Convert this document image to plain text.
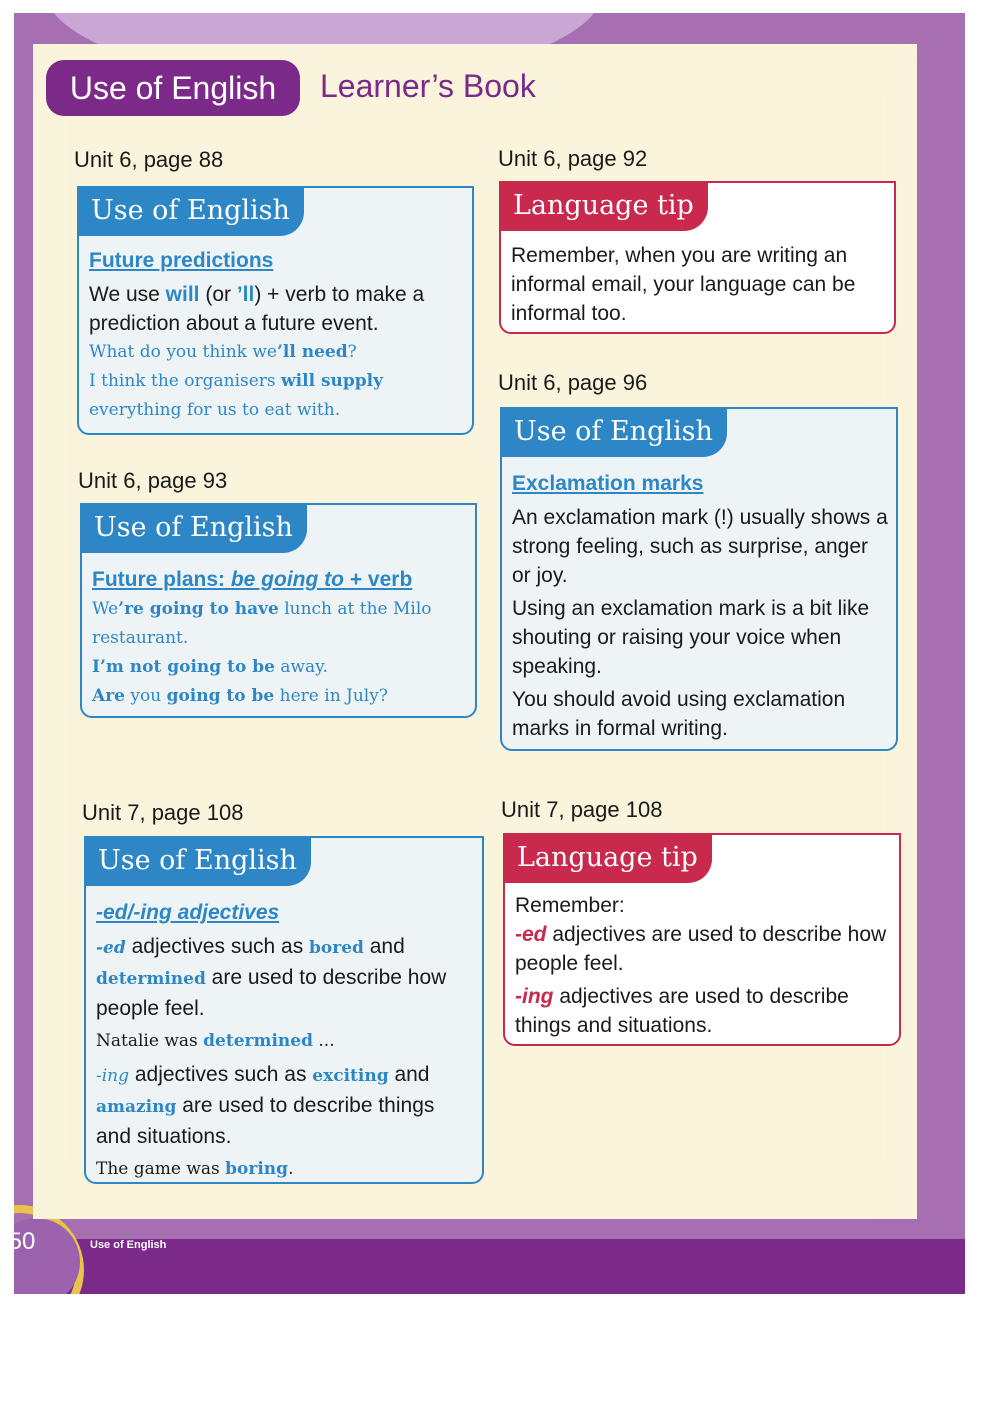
50	Use of English
Use of English	Learner’s Book
Unit 6, page 88
Use of English

Future predictions

We use will (or ’ll) + verb to make a prediction about a future event.

What do you think we’ll need?

I think the organisers will supply everything for us to eat with.

Unit 6, page 93
Use of English

Future plans: be going to + verb

We’re going to have lunch at the Milo restaurant.

I’m not going to be away.

Are you going to be here in July?

Unit 6, page 92
Language tip

Remember, when you are writing an informal email, your language can be informal too.

Unit 6, page 96
Use of English

Exclamation marks

An exclamation mark (!) usually shows a strong feeling, such as surprise, anger or joy.

Using an exclamation mark is a bit like shouting or raising your voice when speaking.

You should avoid using exclamation marks in formal writing.

Unit 7, page 108
Use of English

-ed/-ing adjectives

-ed adjectives such as bored and determined are used to describe how people feel.

Natalie was determined ...

-ing adjectives such as exciting and amazing are used to describe things and situations.

The game was boring.

Unit 7, page 108
Language tip

Remember:

-ed adjectives are used to describe how people feel.

-ing adjectives are used to describe things and situations.
